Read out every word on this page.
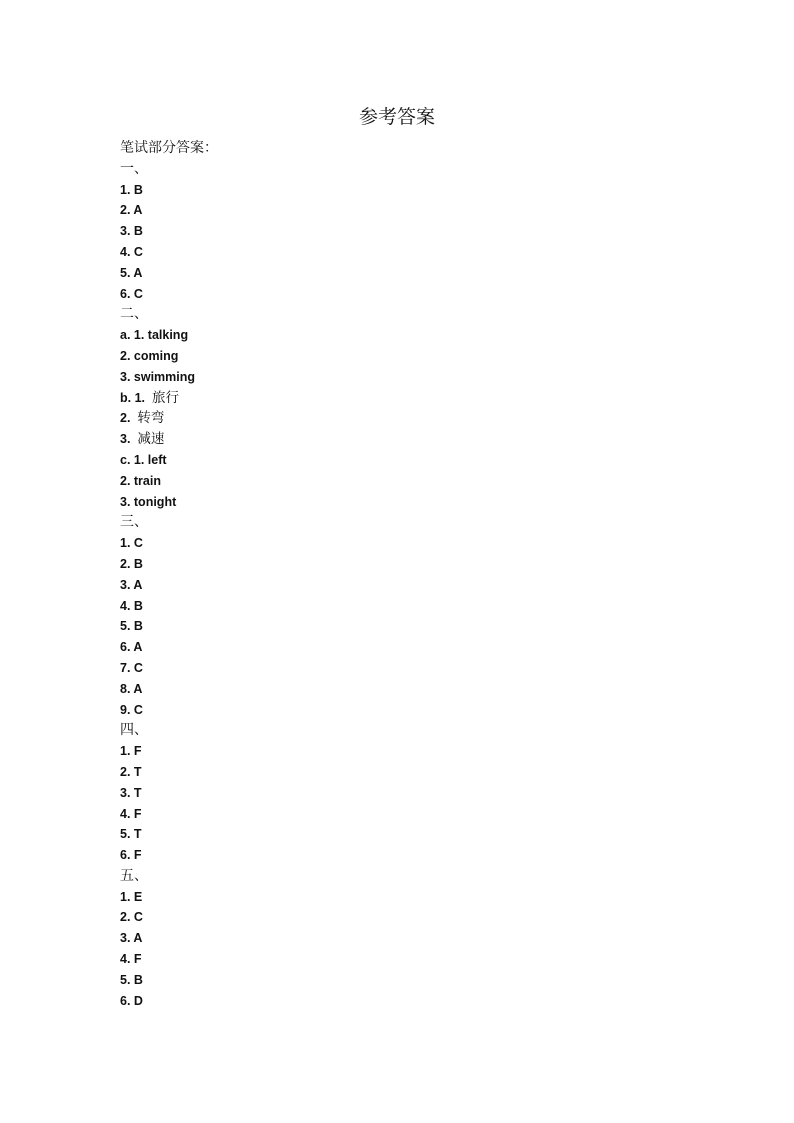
参考答案
笔试部分答案：
一、
1. B
2. A
3. B
4. C
5. A
6. C
二、
a. 1. talking
2. coming
3. swimming
b. 1.  旅行
2.  转弯
3.  减速
c. 1. left
2. train
3. tonight
三、
1. C
2. B
3. A
4. B
5. B
6. A
7. C
8. A
9. C
四、
1. F
2. T
3. T
4. F
5. T
6. F
五、
1. E
2. C
3. A
4. F
5. B
6. D
